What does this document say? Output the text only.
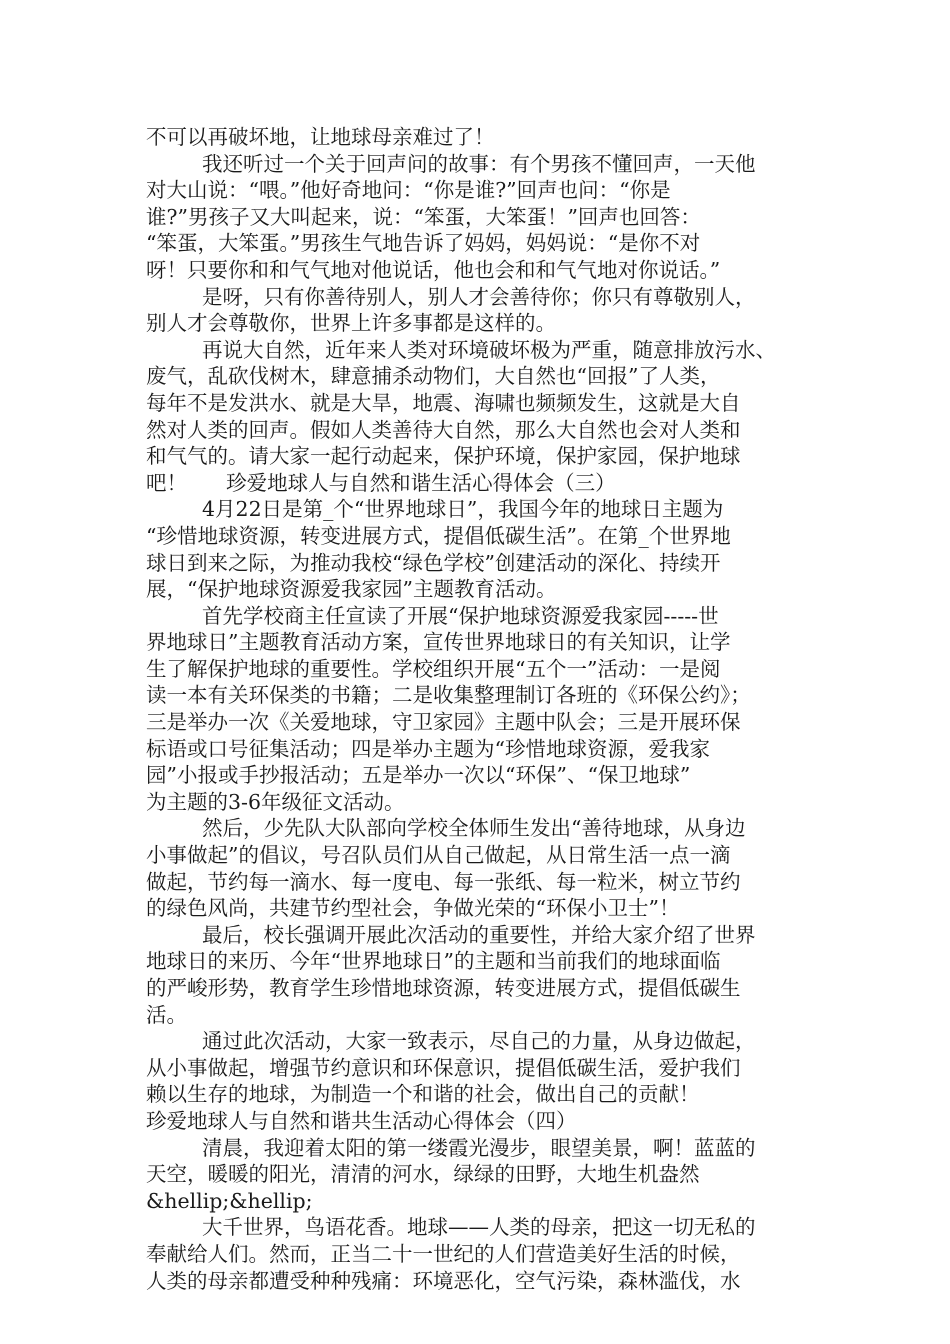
不可以再破坏地，让地球母亲难过了！
我还听过一个关于回声问的故事：有个男孩不懂回声，一天他
对大山说：“喂。”他好奇地问：“你是谁?”回声也问：“你是
谁?”男孩子又大叫起来，说：“笨蛋，大笨蛋！”回声也回答：
“笨蛋，大笨蛋。”男孩生气地告诉了妈妈，妈妈说：“是你不对
呀！只要你和和气气地对他说话，他也会和和气气地对你说话。”
是呀，只有你善待别人，别人才会善待你；你只有尊敬别人，
别人才会尊敬你，世界上许多事都是这样的。
再说大自然，近年来人类对环境破坏极为严重，随意排放污水、
废气，乱砍伐树木，肆意捕杀动物们，大自然也“回报”了人类，
每年不是发洪水、就是大旱，地震、海啸也频频发生，这就是大自
然对人类的回声。假如人类善待大自然，那么大自然也会对人类和
和气气的。请大家一起行动起来，保护环境，保护家园，保护地球
吧！      珍爱地球人与自然和谐生活心得体会（三）
4月22日是第_个“世界地球日”，我国今年的地球日主题为
“珍惜地球资源，转变进展方式，提倡低碳生活”。在第_个世界地
球日到来之际，为推动我校“绿色学校”创建活动的深化、持续开
展，“保护地球资源爱我家园”主题教育活动。
首先学校商主任宣读了开展“保护地球资源爱我家园-----世
界地球日”主题教育活动方案，宣传世界地球日的有关知识，让学
生了解保护地球的重要性。学校组织开展“五个一”活动：一是阅
读一本有关环保类的书籍；二是收集整理制订各班的《环保公约》；
三是举办一次《关爱地球，守卫家园》主题中队会；三是开展环保
标语或口号征集活动；四是举办主题为“珍惜地球资源，爱我家
园”小报或手抄报活动；五是举办一次以“环保”、“保卫地球”
为主题的3-6年级征文活动。
然后，少先队大队部向学校全体师生发出“善待地球，从身边
小事做起”的倡议，号召队员们从自己做起，从日常生活一点一滴
做起，节约每一滴水、每一度电、每一张纸、每一粒米，树立节约
的绿色风尚，共建节约型社会，争做光荣的“环保小卫士”！
最后，校长强调开展此次活动的重要性，并给大家介绍了世界
地球日的来历、今年“世界地球日”的主题和当前我们的地球面临
的严峻形势，教育学生珍惜地球资源，转变进展方式，提倡低碳生
活。
通过此次活动，大家一致表示，尽自己的力量，从身边做起，
从小事做起，增强节约意识和环保意识，提倡低碳生活，爱护我们
赖以生存的地球，为制造一个和谐的社会，做出自己的贡献！
珍爱地球人与自然和谐共生活动心得体会（四）
清晨，我迎着太阳的第一缕霞光漫步，眼望美景，啊！蓝蓝的
天空，暖暖的阳光，清清的河水，绿绿的田野，大地生机盎然
&hellip;&hellip;
大千世界，鸟语花香。地球——人类的母亲，把这一切无私的
奉献给人们。然而，正当二十一世纪的人们营造美好生活的时候，
人类的母亲都遭受种种残痛：环境恶化，空气污染，森林滥伐，水
